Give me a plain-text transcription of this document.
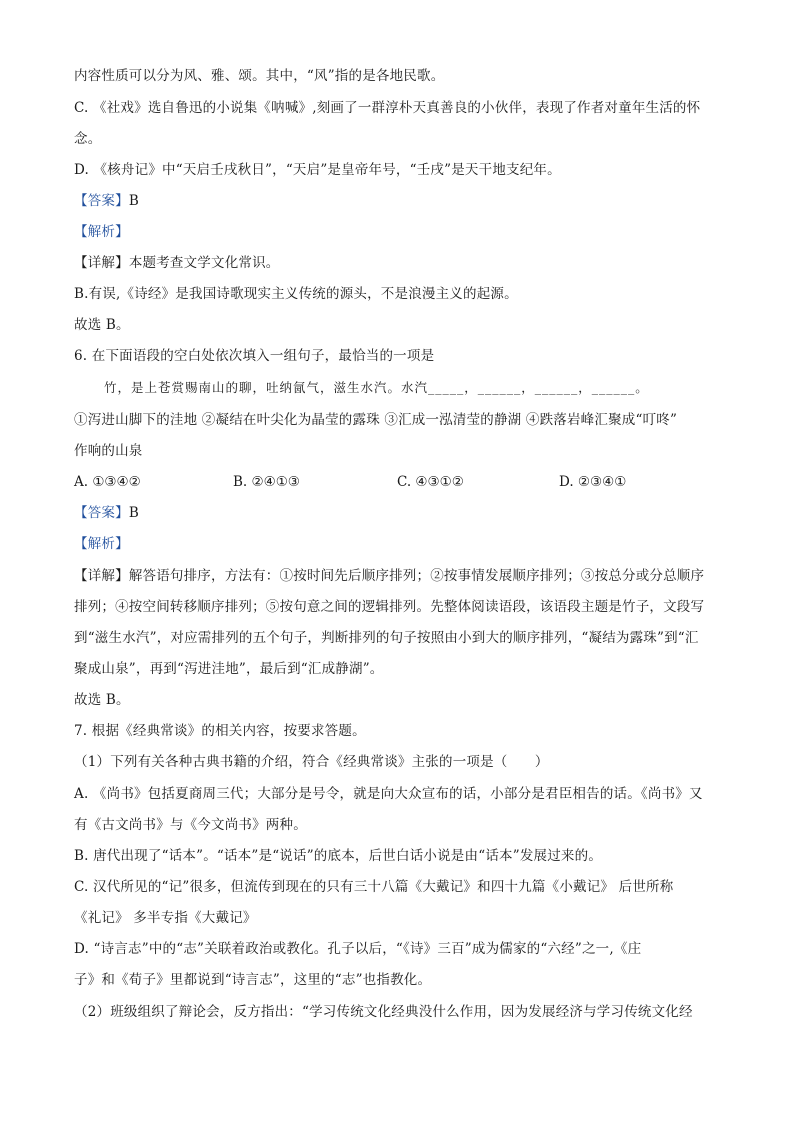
内容性质可以分为风、雅、颂。其中，“风”指的是各地民歌。
C. 《社戏》选自鲁迅的小说集《呐喊》,刻画了一群淳朴天真善良的小伙伴，表现了作者对童年生活的怀
念。
D. 《核舟记》中“天启壬戌秋日”，“天启”是皇帝年号，“壬戌”是天干地支纪年。
【答案】B
【解析】
【详解】本题考查文学文化常识。
B.有误,《诗经》是我国诗歌现实主义传统的源头，不是浪漫主义的起源。
故选 B。
6. 在下面语段的空白处依次填入一组句子，最恰当的一项是
竹，是上苍赏赐南山的聊，吐纳氤气，滋生水汽。水汽_____，______，______，______。
①泻进山脚下的洼地 ②凝结在叶尖化为晶莹的露珠 ③汇成一泓清莹的静湖 ④跌落岩峰汇聚成“叮咚”
作响的山泉
A. ①③④②	B. ②④①③	C. ④③①②	D. ②③④①
【答案】B
【解析】
【详解】解答语句排序，方法有：①按时间先后顺序排列；②按事情发展顺序排列；③按总分或分总顺序
排列；④按空间转移顺序排列；⑤按句意之间的逻辑排列。先整体阅读语段，该语段主题是竹子，文段写
到“滋生水汽”，对应需排列的五个句子，判断排列的句子按照由小到大的顺序排列，“凝结为露珠”到“汇
聚成山泉”，再到“泻进洼地”，最后到“汇成静湖”。
故选 B。
7. 根据《经典常谈》的相关内容，按要求答题。
（1）下列有关各种古典书籍的介绍，符合《经典常谈》主张的一项是（　　）
A. 《尚书》包括夏商周三代；大部分是号令，就是向大众宣布的话，小部分是君臣相告的话。《尚书》又
有《古文尚书》与《今文尚书》两种。
B. 唐代出现了“话本”。“话本”是“说话”的底本，后世白话小说是由“话本”发展过来的。
C. 汉代所见的“记”很多，但流传到现在的只有三十八篇《大戴记》和四十九篇《小戴记》 后世所称
《礼记》 多半专指《大戴记》
D. “诗言志”中的“志”关联着政治或教化。孔子以后，“《诗》三百”成为儒家的“六经”之一,《庄
子》和《荀子》里都说到“诗言志”，这里的“志”也指教化。
（2）班级组织了辩论会，反方指出：“学习传统文化经典没什么作用，因为发展经济与学习传统文化经
